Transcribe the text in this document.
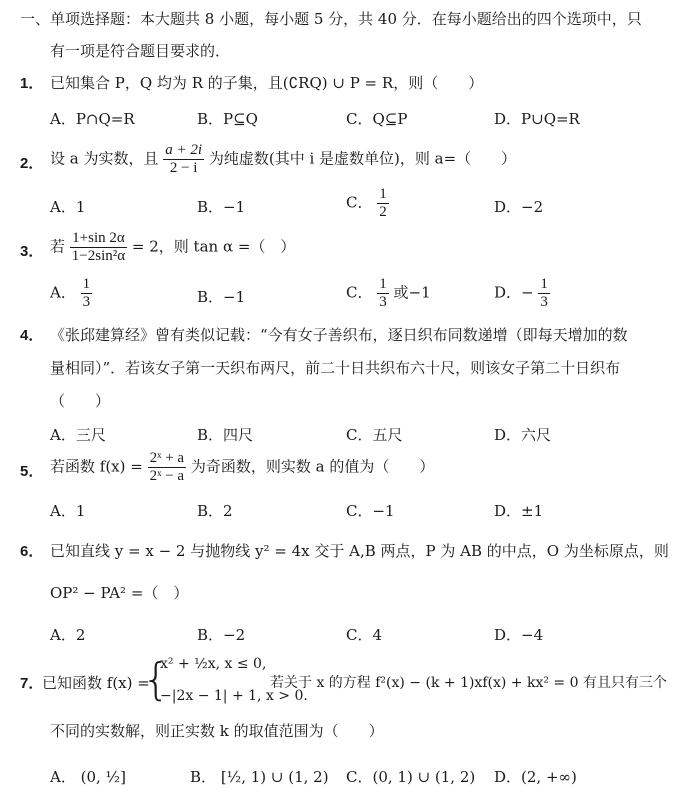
一、单项选择题：本大题共 8 小题，每小题 5 分，共 40 分．在每小题给出的四个选项中，只
有一项是符合题目要求的．
1． 已知集合 P，Q 均为 R 的子集，且(∁RQ) ∪ P = R，则（　　）
A．P∩Q=R	B．P⊆Q	C．Q⊆P	D．P∪Q=R
2． 设 a 为实数，且 $\frac{a + 2i}{2 - i}$ 为纯虚数(其中 i 是虚数单位)，则 a=（　　）
A．1	B．−1	C． $\frac{1}{2}$	D．−2
3． 若 $\frac{1+\sin 2\alpha}{\text{1−2sin²α}} = 2$，则 tan α =（　）
A． $\frac{1}{3}$	B．−1	C． $\frac{1}{3}$ 或−1	D．− $\frac{1}{3}$
4． 《张邱建算经》曾有类似记载：“今有女子善织布，逐日织布同数递增（即每天增加的数
量相同）”．若该女子第一天织布两尺，前二十日共织布六十尺，则该女子第二十日织布
（　　）
A．三尺	B．四尺	C．五尺	D．六尺
5． 若函数 $f(x) = \frac{\text{2ˣ + a}}{\text{2ˣ − a}}$ 为奇函数，则实数 a 的值为（　　）
A．1	B．2	C．−1	D．±1
6． 已知直线 y = x − 2 与抛物线 y² = 4x 交于 A,B 两点，P 为 AB 的中点，O 为坐标原点，则
OP² − PA² =（　）
A．2	B．−2	C．4	D．−4
7．
已知函数 f(x) =
{
x² + ½x, x ≤ 0,
−|2x − 1| + 1, x > 0.
若关于 x 的方程 f²(x) − (k + 1)xf(x) + kx² = 0 有且只有三个
不同的实数解，则正实数 k 的取值范围为（　　）
A． (0, ½]	B． [½, 1) ∪ (1, 2) C．(0, 1) ∪ (1, 2) D．(2, +∞)
